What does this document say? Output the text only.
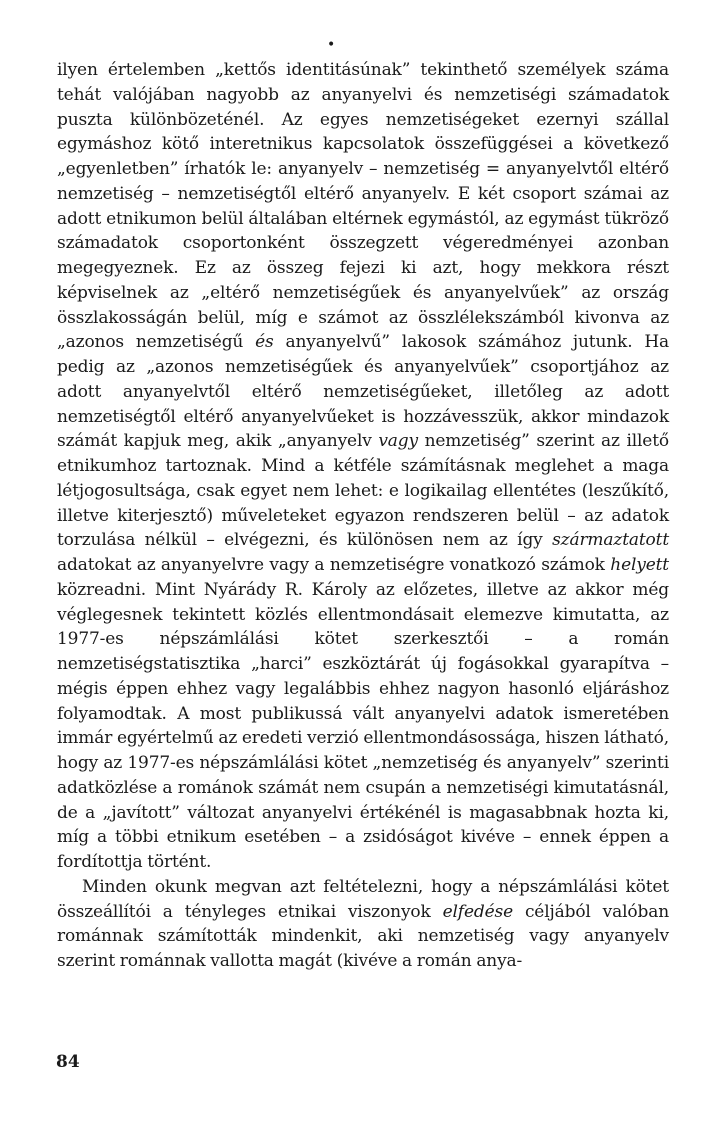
•

ilyen értelemben „kettős identitásúnak” tekinthető személyek száma tehát valójában nagyobb az anyanyelvi és nemzetiségi számadatok puszta különbözeténél. Az egyes nemzetiségeket ezernyi szállal egymáshoz kötő interetnikus kapcsolatok összefüggései a következő „egyenletben” írhatók le: anyanyelv – nemzetiség = anyanyelvtől eltérő nemzetiség – nemzetiségtől eltérő anyanyelv. E két csoport számai az adott etnikumon belül általában eltérnek egymástól, az egymást tükröző számadatok csoportonként összegzett végeredményei azonban megegyeznek. Ez az összeg fejezi ki azt, hogy mekkora részt képviselnek az „eltérő nemzetiségűek és anyanyelvűek” az ország összlakosságán belül, míg e számot az összlélekszámból kivonva az „azonos nemzetiségű és anyanyelvű” lakosok számához jutunk. Ha pedig az „azonos nemzetiségűek és anyanyelvűek” csoportjához az adott anyanyelvtől eltérő nemzetiségűeket, illetőleg az adott nemzetiségtől eltérő anyanyelvűeket is hozzávesszük, akkor mindazok számát kapjuk meg, akik „anyanyelv vagy nemzetiség” szerint az illető etnikumhoz tartoznak. Mind a kétféle számításnak meglehet a maga létjogosultsága, csak egyet nem lehet: e logikailag ellentétes (leszűkítő, illetve kiterjesztő) műveleteket egyazon rendszeren belül – az adatok torzulása nélkül – elvégezni, és különösen nem az így származtatott adatokat az anyanyelvre vagy a nemzetiségre vonatkozó számok helyett közreadni. Mint Nyárády R. Károly az előzetes, illetve az akkor még véglegesnek tekintett közlés ellentmondásait elemezve kimutatta, az 1977-es népszámlálási kötet szerkesztői – a román nemzetiségstatisztika „harci” eszköztárát új fogásokkal gyarapítva – mégis éppen ehhez vagy legalábbis ehhez nagyon hasonló eljáráshoz folyamodtak. A most publikussá vált anyanyelvi adatok ismeretében immár egyértelmű az eredeti verzió ellentmondásossága, hiszen látható, hogy az 1977-es népszámlálási kötet „nemzetiség és anyanyelv” szerinti adatközlése a románok számát nem csupán a nemzetiségi kimutatásnál, de a „javított” változat anyanyelvi értékénél is magasabbnak hozta ki, míg a többi etnikum esetében – a zsidóságot kivéve – ennek éppen a fordítottja történt.

Minden okunk megvan azt feltételezni, hogy a népszámlálási kötet összeállítói a tényleges etnikai viszonyok elfedése céljából valóban románnak számították mindenkit, aki nemzetiség vagy anyanyelv szerint románnak vallotta magát (kivéve a román anya-

84
